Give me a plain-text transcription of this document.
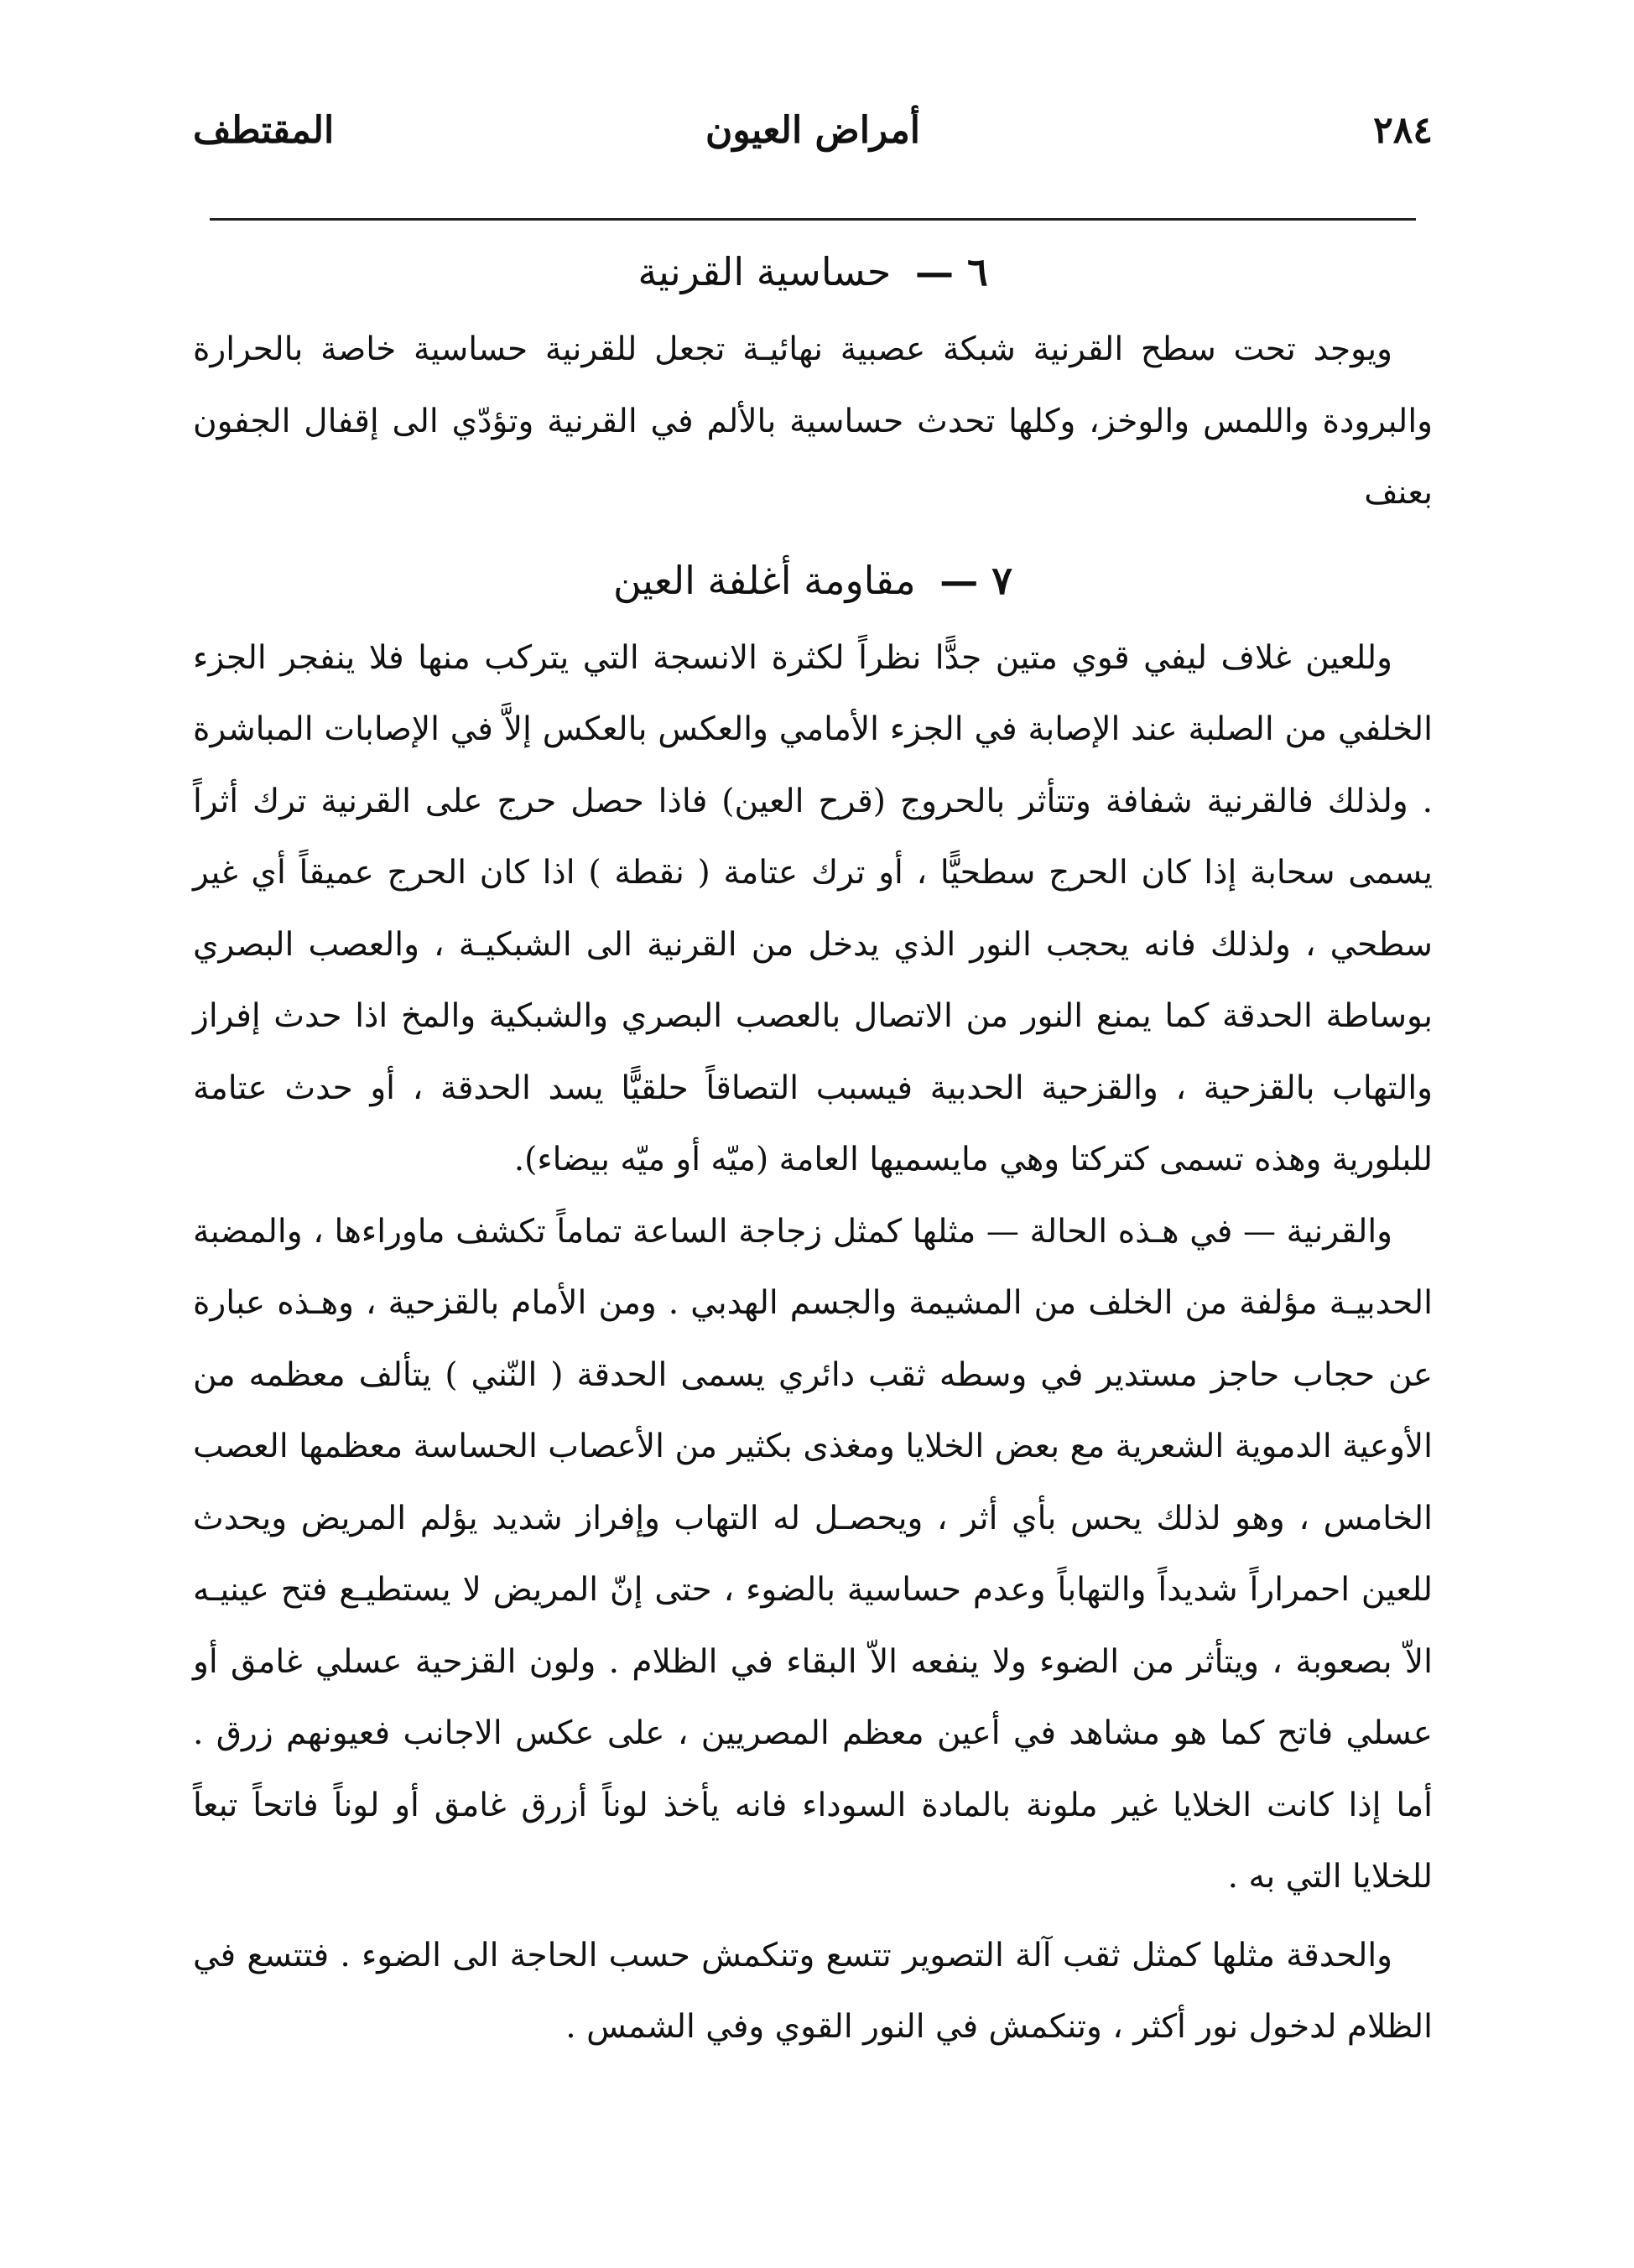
٢٨٤
أمراض العيون
المقتطف
٦ — حساسية القرنية

ويوجد تحت سطح القرنية شبكة عصبية نهائيـة تجعل للقرنية حساسية خاصة بالحرارة والبرودة واللمس والوخز، وكلها تحدث حساسية بالألم في القرنية وتؤدّي الى إقفال الجفون بعنف

٧ — مقاومة أغلفة العين

وللعين غلاف ليفي قوي متين جدًّا نظراً لكثرة الانسجة التي يتركب منها فلا ينفجر الجزء الخلفي من الصلبة عند الإصابة في الجزء الأمامي والعكس بالعكس إلاَّ في الإصابات المباشرة . ولذلك فالقرنية شفافة وتتأثر بالحروج (قرح العين) فاذا حصل حرج على القرنية ترك أثراً يسمى سحابة إذا كان الحرج سطحيًّا ، أو ترك عتامة ( نقطة ) اذا كان الحرج عميقاً أي غير سطحي ، ولذلك فانه يحجب النور الذي يدخل من القرنية الى الشبكيـة ، والعصب البصري بوساطة الحدقة كما يمنع النور من الاتصال بالعصب البصري والشبكية والمخ اذا حدث إفراز والتهاب بالقزحية ، والقزحية الحدبية فيسبب التصاقاً حلقيًّا يسد الحدقة ، أو حدث عتامة للبلورية وهذه تسمى كتركتا وهي مايسميها العامة (ميّه أو ميّه بيضاء).

والقرنية — في هـذه الحالة — مثلها كمثل زجاجة الساعة تماماً تكشف ماوراءها ، والمضبة الحدبيـة مؤلفة من الخلف من المشيمة والجسم الهدبي . ومن الأمام بالقزحية ، وهـذه عبارة عن حجاب حاجز مستدير في وسطه ثقب دائري يسمى الحدقة ( النّني ) يتألف معظمه من الأوعية الدموية الشعرية مع بعض الخلايا ومغذى بكثير من الأعصاب الحساسة معظمها العصب الخامس ، وهو لذلك يحس بأي أثر ، ويحصـل له التهاب وإفراز شديد يؤلم المريض ويحدث للعين احمراراً شديداً والتهاباً وعدم حساسية بالضوء ، حتى إنّ المريض لا يستطيـع فتح عينيـه الاّ بصعوبة ، ويتأثر من الضوء ولا ينفعه الاّ البقاء في الظلام . ولون القزحية عسلي غامق أو عسلي فاتح كما هو مشاهد في أعين معظم المصريين ، على عكس الاجانب فعيونهم زرق . أما إذا كانت الخلايا غير ملونة بالمادة السوداء فانه يأخذ لوناً أزرق غامق أو لوناً فاتحاً تبعاً للخلايا التي به .

والحدقة مثلها كمثل ثقب آلة التصوير تتسع وتنكمش حسب الحاجة الى الضوء . فتتسع في الظلام لدخول نور أكثر ، وتنكمش في النور القوي وفي الشمس .
